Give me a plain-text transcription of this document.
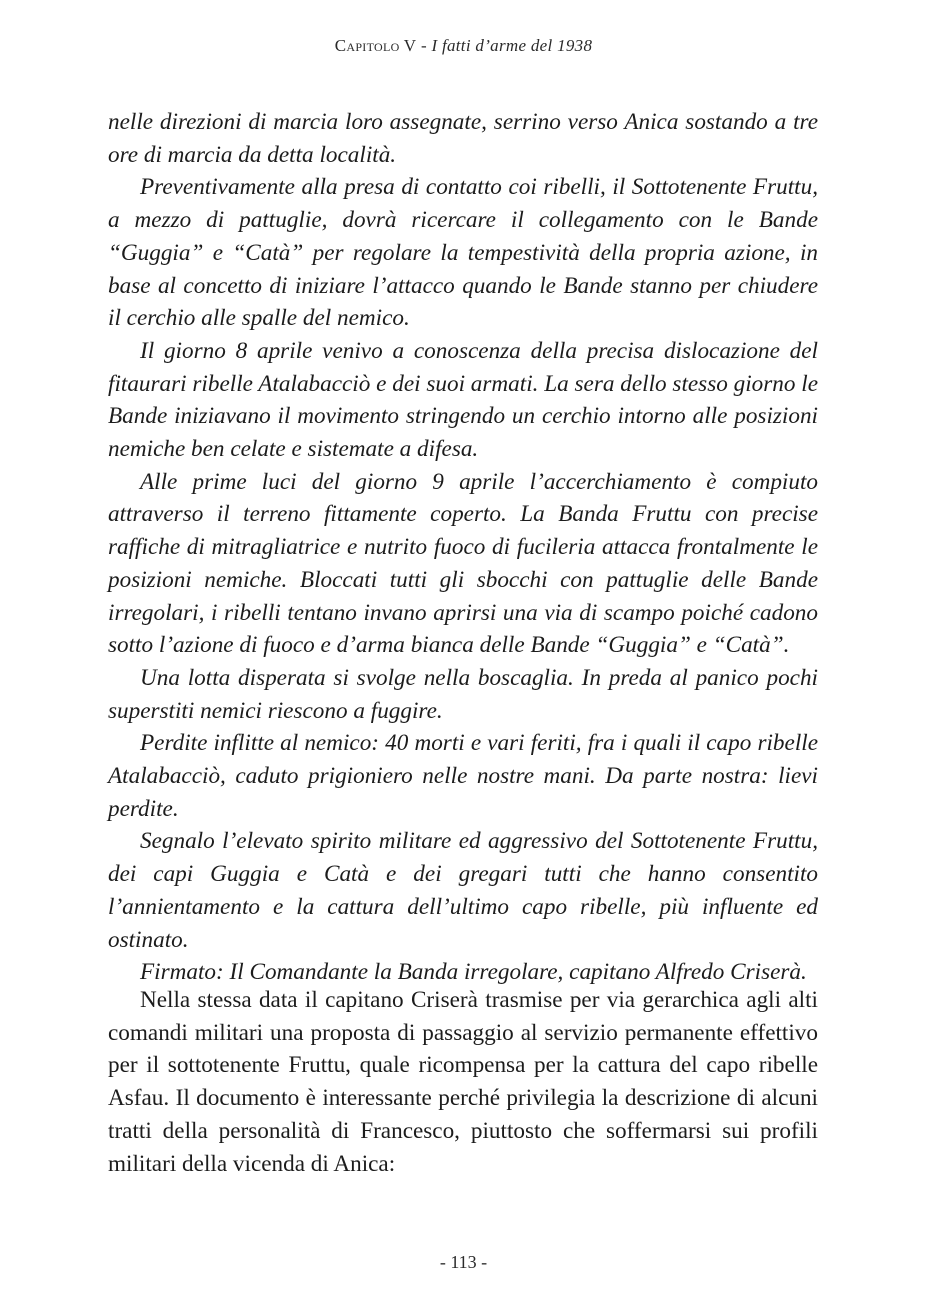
Capitolo V - I fatti d’arme del 1938

nelle direzioni di marcia loro assegnate, serrino verso Anica sostando a tre ore di marcia da detta località.

Preventivamente alla presa di contatto coi ribelli, il Sottotenente Fruttu, a mezzo di pattuglie, dovrà ricercare il collegamento con le Bande “Guggia” e “Catà” per regolare la tempestività della propria azione, in base al concetto di iniziare l’attacco quando le Bande stanno per chiudere il cerchio alle spalle del nemico.

Il giorno 8 aprile venivo a conoscenza della precisa dislocazione del fitaurari ribelle Atalabacciò e dei suoi armati. La sera dello stesso giorno le Bande iniziavano il movimento stringendo un cerchio intorno alle posizioni nemiche ben celate e sistemate a difesa.

Alle prime luci del giorno 9 aprile l’accerchiamento è compiuto attraverso il terreno fittamente coperto. La Banda Fruttu con precise raffiche di mitragliatrice e nutrito fuoco di fucileria attacca frontalmente le posizioni nemiche. Bloccati tutti gli sbocchi con pattuglie delle Bande irregolari, i ribelli tentano invano aprirsi una via di scampo poiché cadono sotto l’azione di fuoco e d’arma bianca delle Bande “Guggia” e “Catà”.

Una lotta disperata si svolge nella boscaglia. In preda al panico pochi superstiti nemici riescono a fuggire.

Perdite inflitte al nemico: 40 morti e vari feriti, fra i quali il capo ribelle Atalabacciò, caduto prigioniero nelle nostre mani. Da parte nostra: lievi perdite.

Segnalo l’elevato spirito militare ed aggressivo del Sottotenente Fruttu, dei capi Guggia e Catà e dei gregari tutti che hanno consentito l’annientamento e la cattura dell’ultimo capo ribelle, più influente ed ostinato.

Firmato: Il Comandante la Banda irregolare, capitano Alfredo Criserà.

Nella stessa data il capitano Criserà trasmise per via gerarchica agli alti comandi militari una proposta di passaggio al servizio permanente effettivo per il sottotenente Fruttu, quale ricompensa per la cattura del capo ribelle Asfau. Il documento è interessante perché privilegia la descrizione di alcuni tratti della personalità di Francesco, piuttosto che soffermarsi sui profili militari della vicenda di Anica:

- 113 -
